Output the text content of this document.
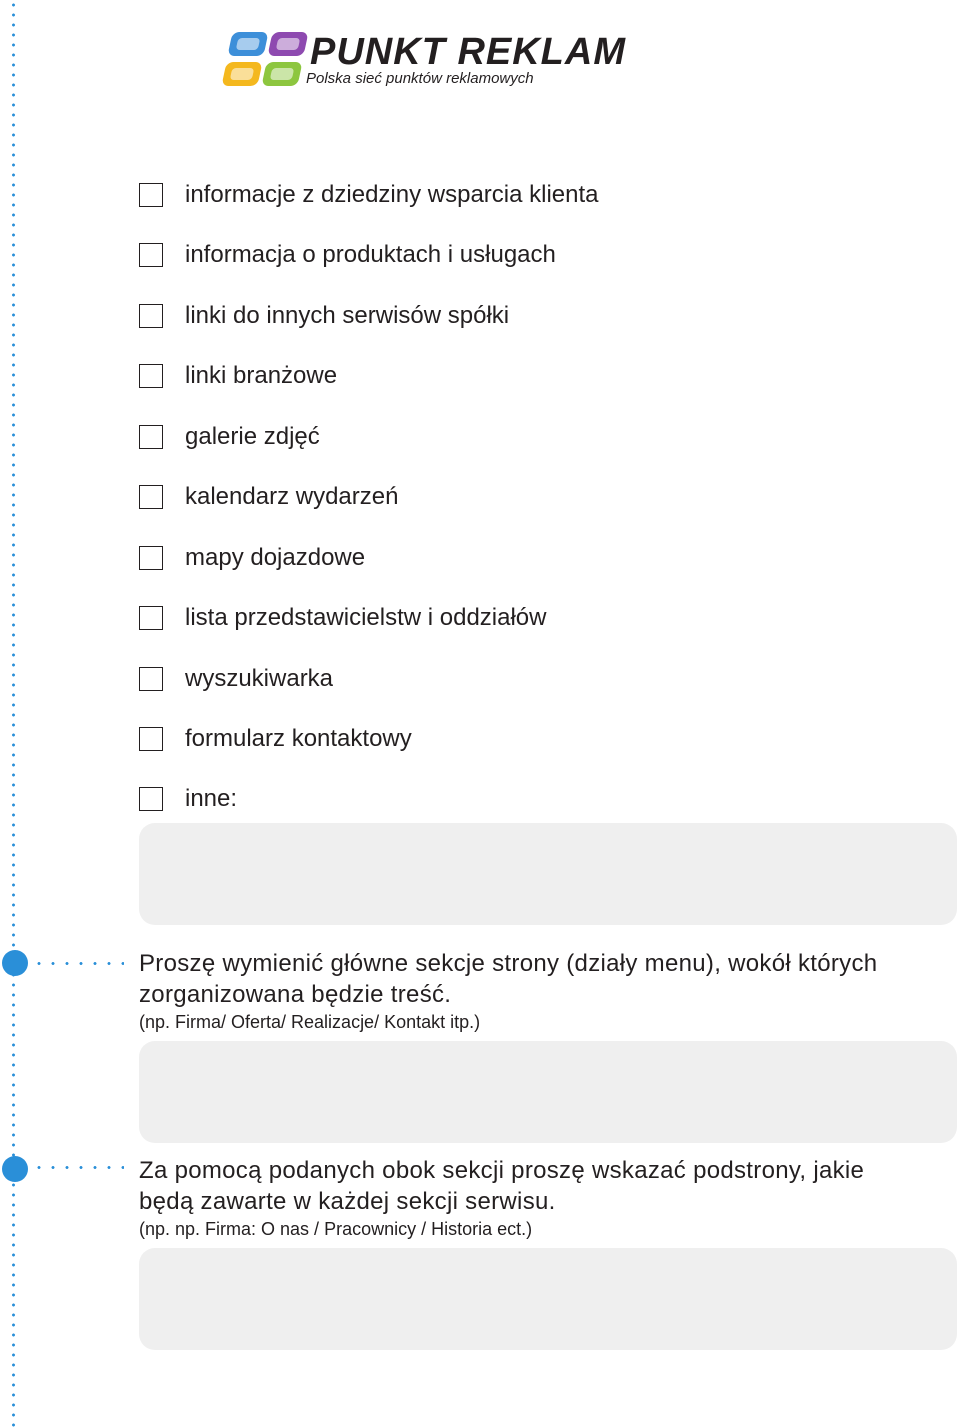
PUNKT REKLAM
Polska sieć punktów reklamowych
informacje z dziedziny wsparcia klienta
informacja o produktach i usługach
linki do innych serwisów spółki
linki branżowe
galerie zdjęć
kalendarz wydarzeń
mapy dojazdowe
lista przedstawicielstw i oddziałów
wyszukiwarka
formularz kontaktowy
inne:
Proszę wymienić główne sekcje strony (działy menu), wokół których
zorganizowana będzie treść.
(np. Firma/ Oferta/ Realizacje/ Kontakt itp.)
Za pomocą podanych obok sekcji proszę wskazać podstrony, jakie
będą zawarte w każdej sekcji serwisu.
(np. np. Firma: O nas / Pracownicy / Historia ect.)
